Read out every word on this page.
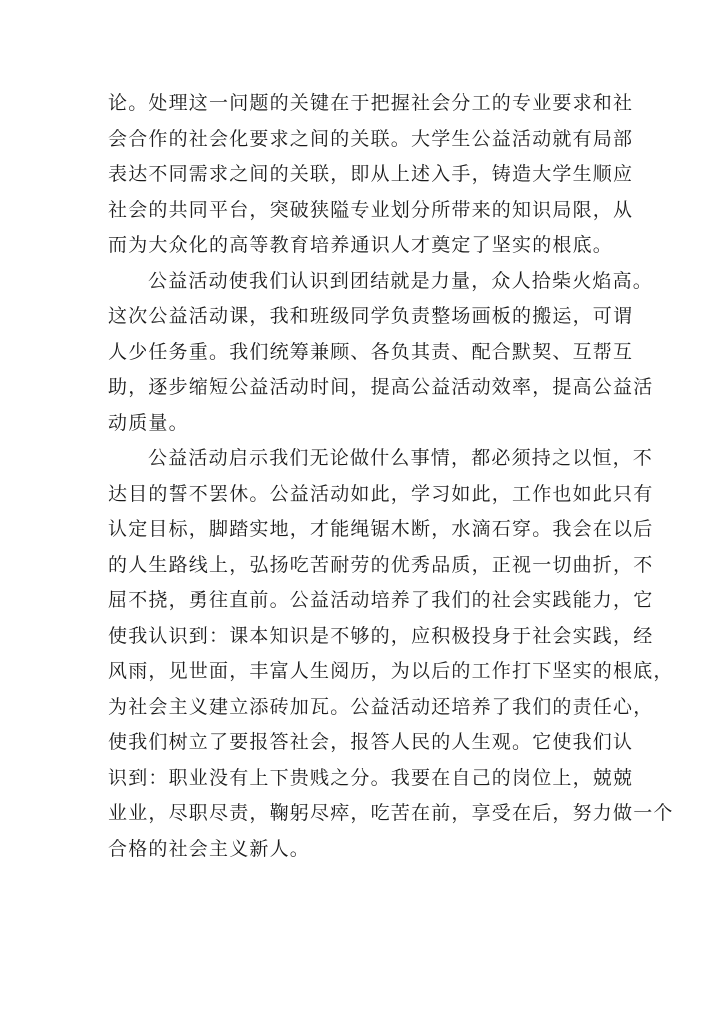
论。处理这一问题的关键在于把握社会分工的专业要求和社
会合作的社会化要求之间的关联。大学生公益活动就有局部
表达不同需求之间的关联，即从上述入手，铸造大学生顺应
社会的共同平台，突破狭隘专业划分所带来的知识局限，从
而为大众化的高等教育培养通识人才奠定了坚实的根底。
公益活动使我们认识到团结就是力量，众人拾柴火焰高。
这次公益活动课，我和班级同学负责整场画板的搬运，可谓
人少任务重。我们统筹兼顾、各负其责、配合默契、互帮互
助，逐步缩短公益活动时间，提高公益活动效率，提高公益活
动质量。
公益活动启示我们无论做什么事情，都必须持之以恒，不
达目的誓不罢休。公益活动如此，学习如此，工作也如此只有
认定目标，脚踏实地，才能绳锯木断，水滴石穿。我会在以后
的人生路线上，弘扬吃苦耐劳的优秀品质，正视一切曲折，不
屈不挠，勇往直前。公益活动培养了我们的社会实践能力，它
使我认识到：课本知识是不够的，应积极投身于社会实践，经
风雨，见世面，丰富人生阅历，为以后的工作打下坚实的根底，
为社会主义建立添砖加瓦。公益活动还培养了我们的责任心，
使我们树立了要报答社会，报答人民的人生观。它使我们认
识到：职业没有上下贵贱之分。我要在自己的岗位上，兢兢
业业，尽职尽责，鞠躬尽瘁，吃苦在前，享受在后，努力做一个
合格的社会主义新人。
